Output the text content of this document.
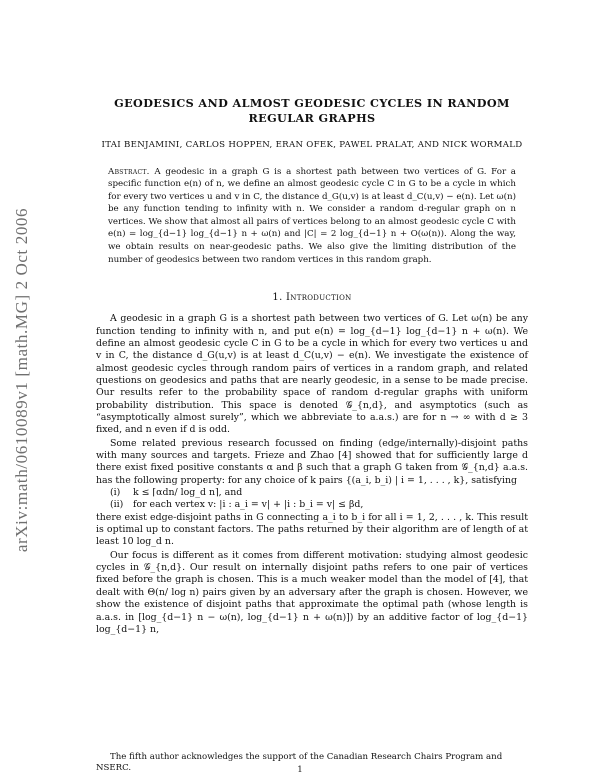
arXiv:math/0610089v1 [math.MG] 2 Oct 2006
GEODESICS AND ALMOST GEODESIC CYCLES IN RANDOM REGULAR GRAPHS
ITAI BENJAMINI, CARLOS HOPPEN, ERAN OFEK, PAWEL PRALAT, AND NICK WORMALD
Abstract. A geodesic in a graph G is a shortest path between two vertices of G. For a specific function e(n) of n, we define an almost geodesic cycle C in G to be a cycle in which for every two vertices u and v in C, the distance d_G(u,v) is at least d_C(u,v) − e(n). Let ω(n) be any function tending to infinity with n. We consider a random d-regular graph on n vertices. We show that almost all pairs of vertices belong to an almost geodesic cycle C with e(n) = log_{d−1} log_{d−1} n + ω(n) and |C| = 2 log_{d−1} n + O(ω(n)). Along the way, we obtain results on near-geodesic paths. We also give the limiting distribution of the number of geodesics between two random vertices in this random graph.
1. Introduction

A geodesic in a graph G is a shortest path between two vertices of G. Let ω(n) be any function tending to infinity with n, and put e(n) = log_{d−1} log_{d−1} n + ω(n). We define an almost geodesic cycle C in G to be a cycle in which for every two vertices u and v in C, the distance d_G(u,v) is at least d_C(u,v) − e(n). We investigate the existence of almost geodesic cycles through random pairs of vertices in a random graph, and related questions on geodesics and paths that are nearly geodesic, in a sense to be made precise. Our results refer to the probability space of random d-regular graphs with uniform probability distribution. This space is denoted 𝒢_{n,d}, and asymptotics (such as “asymptotically almost surely”, which we abbreviate to a.a.s.) are for n → ∞ with d ≥ 3 fixed, and n even if d is odd.

Some related previous research focussed on finding (edge/internally)-disjoint paths with many sources and targets. Frieze and Zhao [4] showed that for sufficiently large d there exist fixed positive constants α and β such that a graph G taken from 𝒢_{n,d} a.a.s. has the following property: for any choice of k pairs {(a_i, b_i) | i = 1, . . . , k}, satisfying

(i) k ≤ ⌈αdn/ log_d n⌉, and
(ii) for each vertex v: |i : a_i = v| + |i : b_i = v| ≤ βd,

there exist edge-disjoint paths in G connecting a_i to b_i for all i = 1, 2, . . . , k. This result is optimal up to constant factors. The paths returned by their algorithm are of length of at least 10 log_d n.

Our focus is different as it comes from different motivation: studying almost geodesic cycles in 𝒢_{n,d}. Our result on internally disjoint paths refers to one pair of vertices fixed before the graph is chosen. This is a much weaker model than the model of [4], that dealt with Θ(n/ log n) pairs given by an adversary after the graph is chosen. However, we show the existence of disjoint paths that approximate the optimal path (whose length is a.a.s. in [log_{d−1} n − ω(n), log_{d−1} n + ω(n)]) by an additive factor of log_{d−1} log_{d−1} n,

The fifth author acknowledges the support of the Canadian Research Chairs Program and NSERC.	1
